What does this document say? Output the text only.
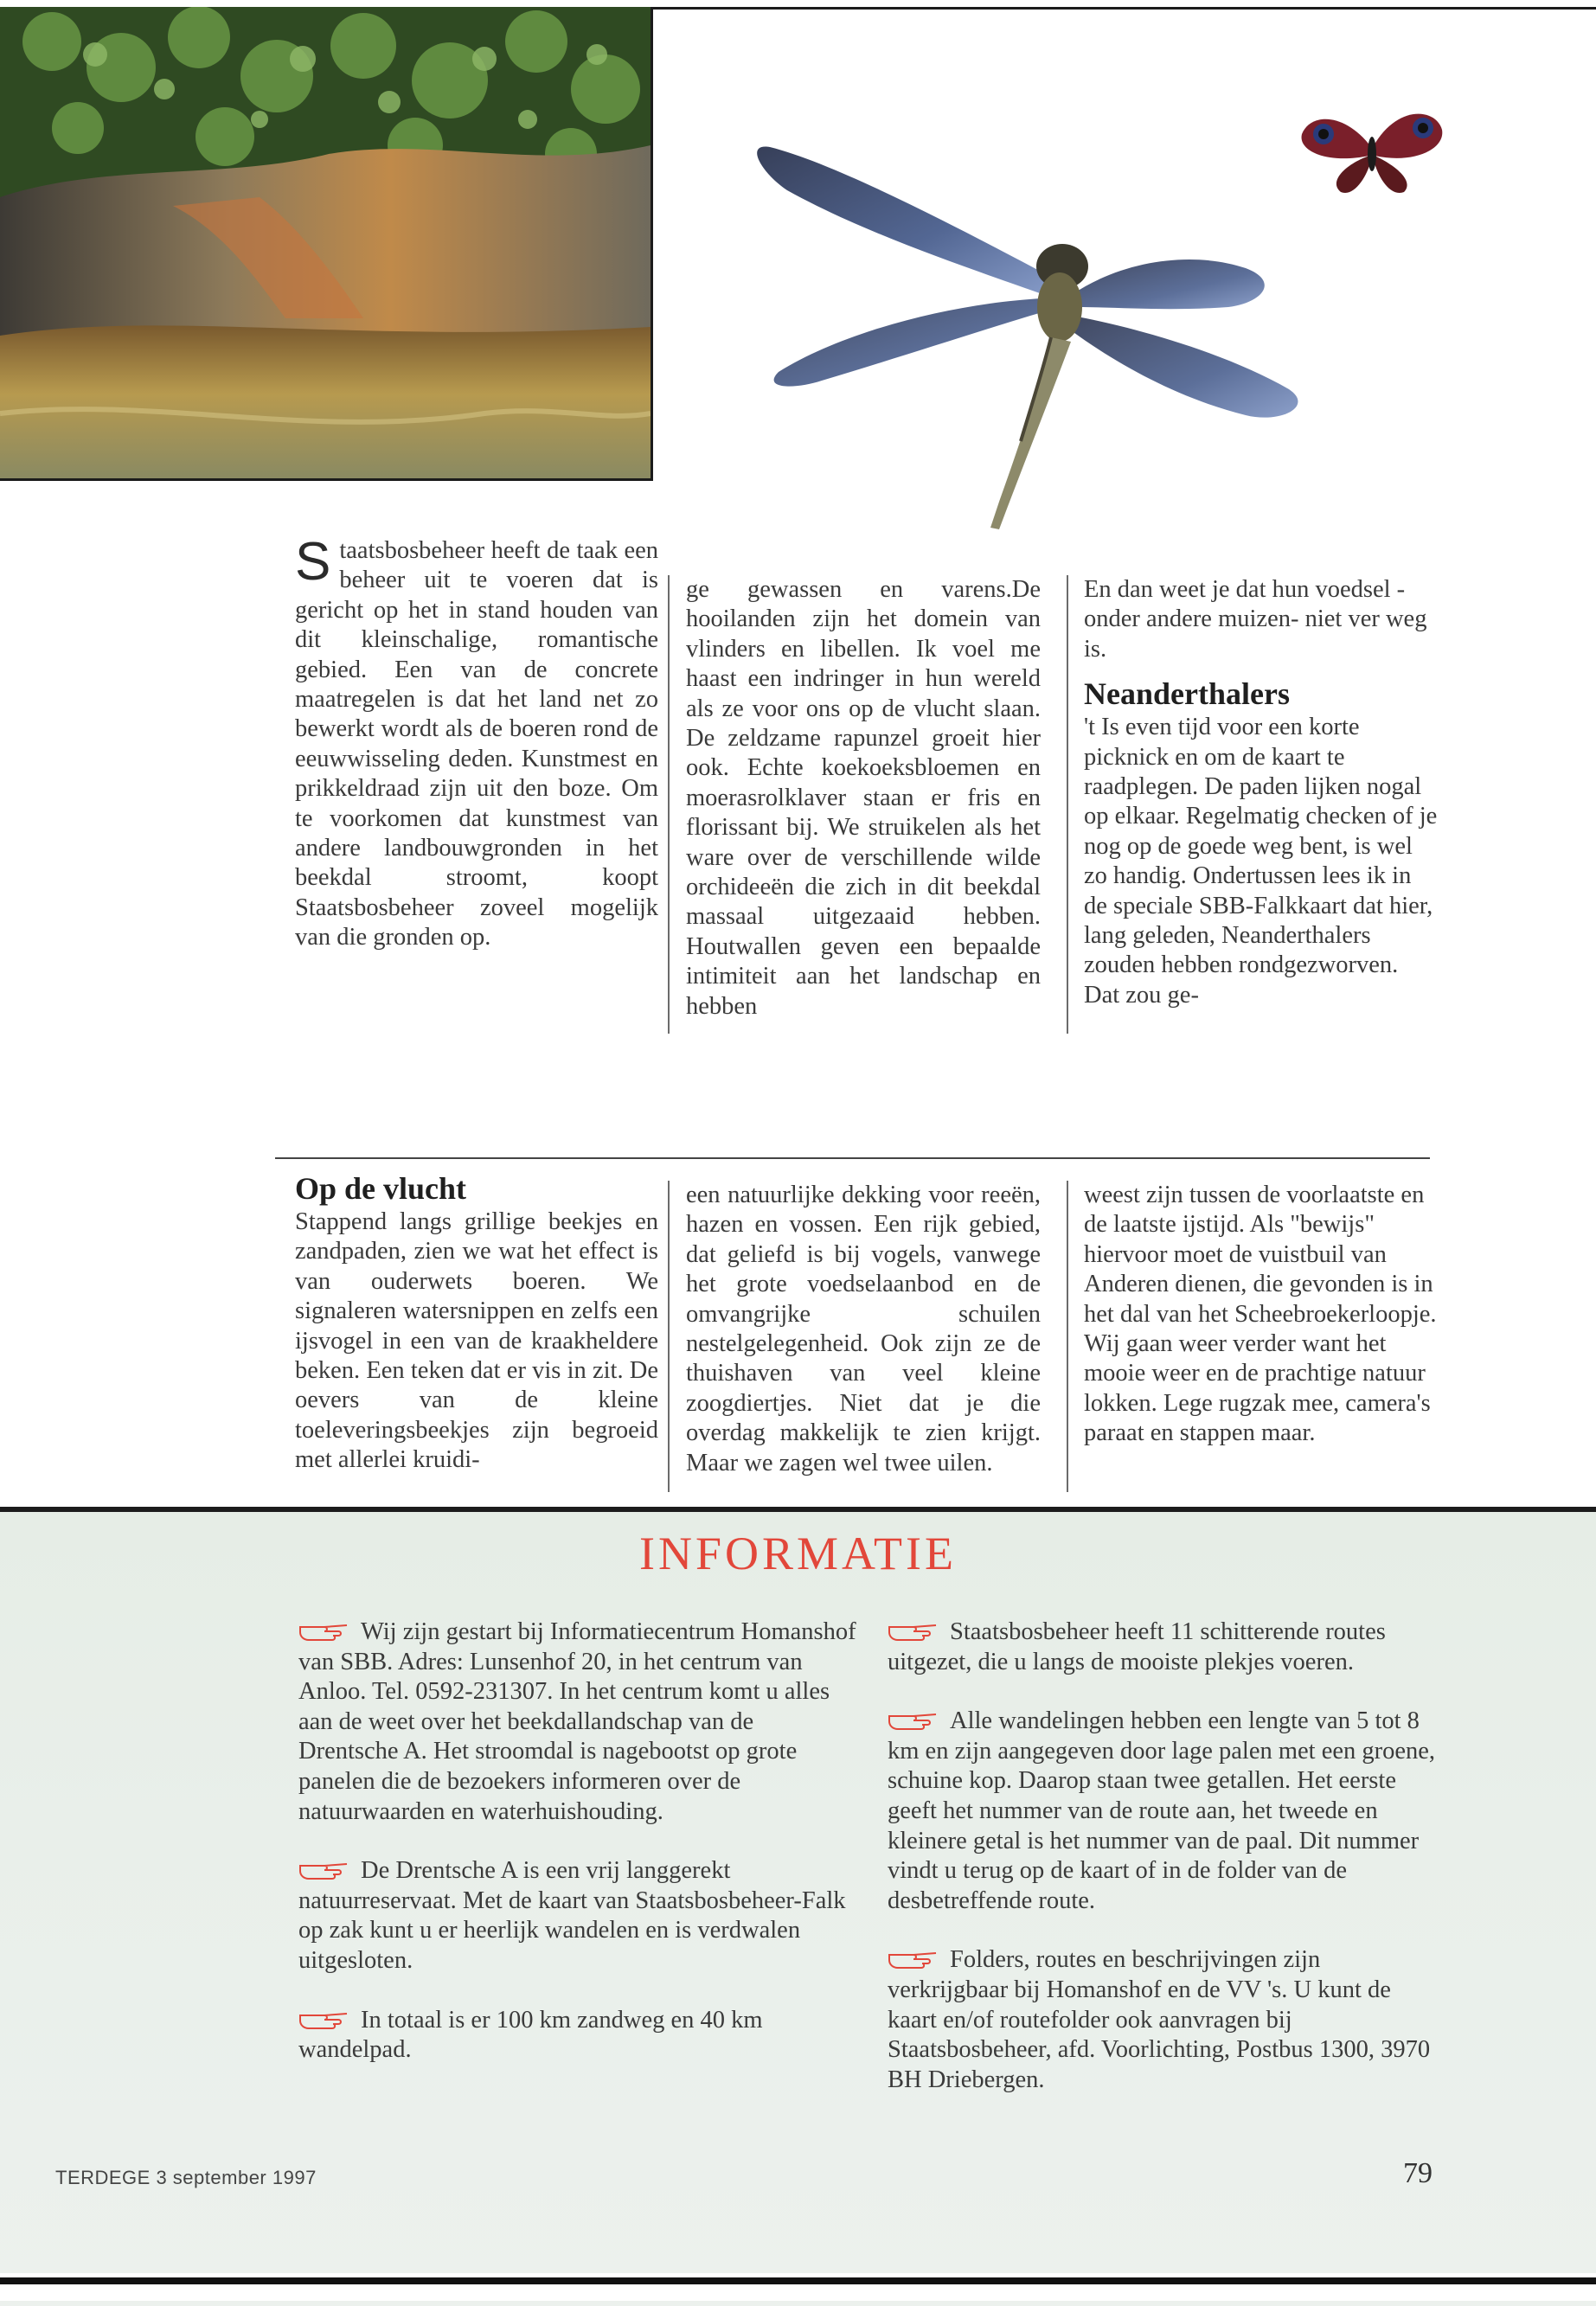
S taatsbosbeheer heeft de taak een beheer uit te voeren dat is gericht op het in stand houden van dit kleinschalige, romantische gebied. Een van de concrete maatregelen is dat het land net zo bewerkt wordt als de boeren rond de eeuwwisseling deden. Kunstmest en prikkeldraad zijn uit den boze. Om te voorkomen dat kunstmest van andere landbouwgronden in het beekdal stroomt, koopt Staatsbosbeheer zoveel mogelijk van die gronden op.

ge gewassen en varens.De hooilanden zijn het domein van vlinders en libellen. Ik voel me haast een indringer in hun wereld als ze voor ons op de vlucht slaan. De zeldzame rapunzel groeit hier ook. Echte koekoeksbloemen en moerasrolklaver staan er fris en florissant bij. We struikelen als het ware over de verschillende wilde orchideeën die zich in dit beekdal massaal uitgezaaid hebben. Houtwallen geven een bepaalde intimiteit aan het landschap en hebben

En dan weet je dat hun voedsel -onder andere muizen- niet ver weg is.

Neanderthalers

't Is even tijd voor een korte picknick en om de kaart te raadplegen. De paden lijken nogal op elkaar. Regelmatig checken of je nog op de goede weg bent, is wel zo handig. Ondertussen lees ik in de speciale SBB-Falkkaart dat hier, lang geleden, Neanderthalers zouden hebben rondgezworven. Dat zou ge-

Op de vlucht

Stappend langs grillige beekjes en zandpaden, zien we wat het effect is van ouderwets boeren. We signaleren watersnippen en zelfs een ijsvogel in een van de kraakheldere beken. Een teken dat er vis in zit. De oevers van de kleine toeleveringsbeekjes zijn begroeid met allerlei kruidi-

een natuurlijke dekking voor reeën, hazen en vossen. Een rijk gebied, dat geliefd is bij vogels, vanwege het grote voedselaanbod en de omvangrijke schuilen nestelgelegenheid. Ook zijn ze de thuishaven van veel kleine zoogdiertjes. Niet dat je die overdag makkelijk te zien krijgt. Maar we zagen wel twee uilen.

weest zijn tussen de voorlaatste en de laatste ijstijd. Als "bewijs" hiervoor moet de vuistbuil van Anderen dienen, die gevonden is in het dal van het Scheebroekerloopje. Wij gaan weer verder want het mooie weer en de prachtige natuur lokken. Lege rugzak mee, camera's paraat en stappen maar.

INFORMATIE

Wij zijn gestart bij Informatiecentrum Homanshof van SBB. Adres: Lunsenhof 20, in het centrum van Anloo. Tel. 0592-231307. In het centrum komt u alles aan de weet over het beekdallandschap van de Drentsche A. Het stroomdal is nagebootst op grote panelen die de bezoekers informeren over de natuurwaarden en waterhuishouding.

De Drentsche A is een vrij langgerekt natuurreservaat. Met de kaart van Staatsbosbeheer-Falk op zak kunt u er heerlijk wandelen en is verdwalen uitgesloten.

In totaal is er 100 km zandweg en 40 km wandelpad.

Staatsbosbeheer heeft 11 schitterende routes uitgezet, die u langs de mooiste plekjes voeren.

Alle wandelingen hebben een lengte van 5 tot 8 km en zijn aangegeven door lage palen met een groene, schuine kop. Daarop staan twee getallen. Het eerste geeft het nummer van de route aan, het tweede en kleinere getal is het nummer van de paal. Dit nummer vindt u terug op de kaart of in de folder van de desbetreffende route.

Folders, routes en beschrijvingen zijn verkrijgbaar bij Homanshof en de VV 's. U kunt de kaart en/of routefolder ook aanvragen bij Staatsbosbeheer, afd. Voorlichting, Postbus 1300, 3970 BH Driebergen.

TERDEGE 3 september 1997	79
